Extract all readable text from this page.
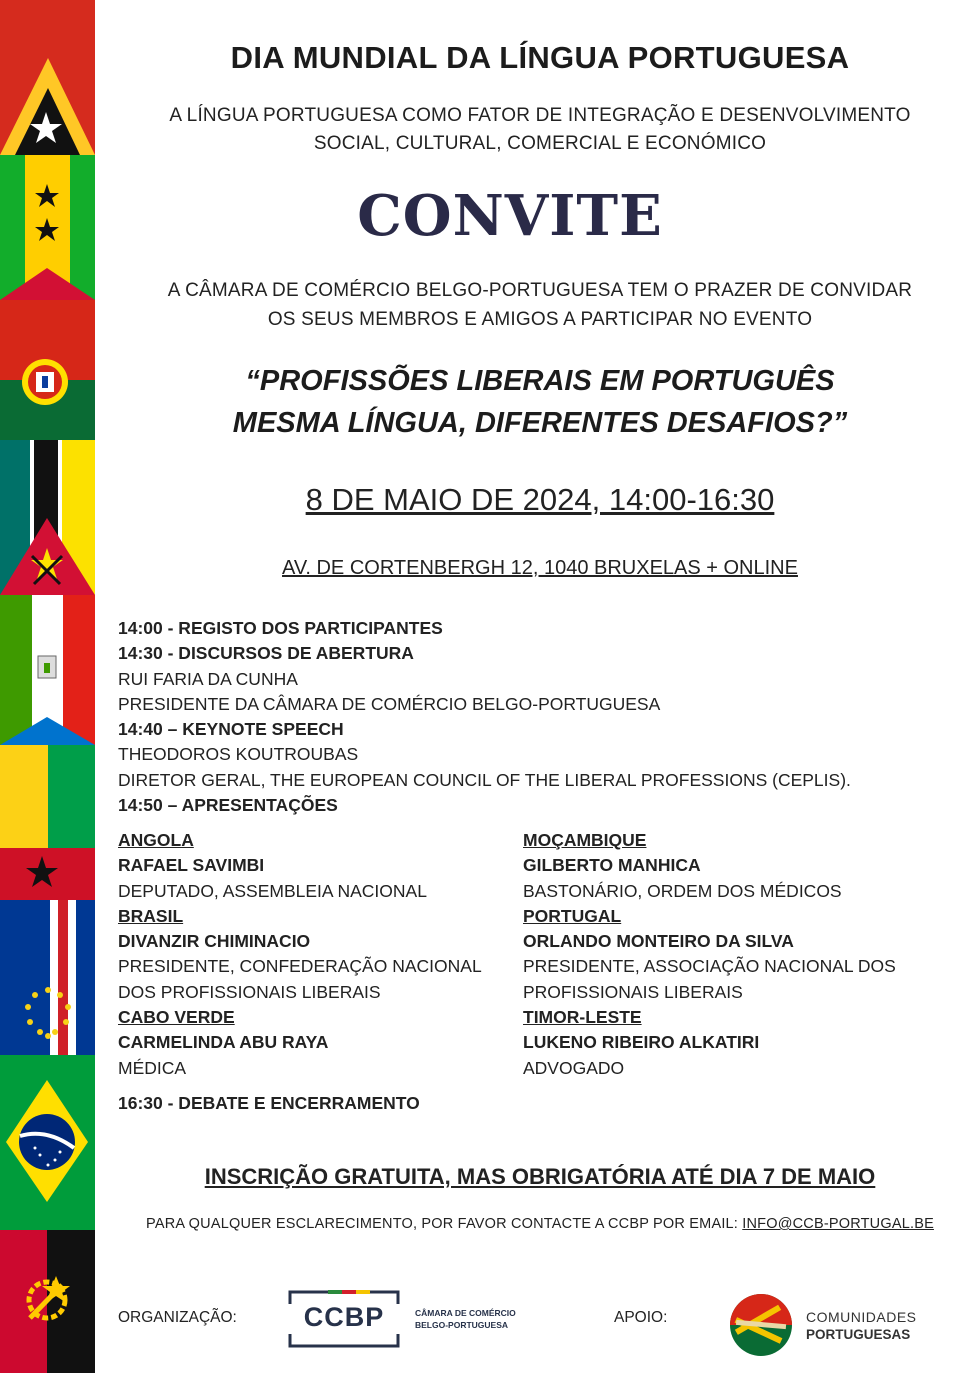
DIA MUNDIAL DA LÍNGUA PORTUGUESA
A LÍNGUA PORTUGUESA COMO FATOR DE INTEGRAÇÃO E DESENVOLVIMENTO
SOCIAL, CULTURAL, COMERCIAL E ECONÓMICO
CONVITE
A CÂMARA DE COMÉRCIO BELGO-PORTUGUESA TEM O PRAZER DE CONVIDAR
OS SEUS MEMBROS E AMIGOS A PARTICIPAR NO EVENTO
“PROFISSÕES LIBERAIS EM PORTUGUÊS
MESMA LÍNGUA, DIFERENTES DESAFIOS?”
8 DE MAIO DE 2024, 14:00-16:30
AV. DE CORTENBERGH 12, 1040 BRUXELAS + ONLINE
14:00 - REGISTO DOS PARTICIPANTES
14:30 - DISCURSOS DE ABERTURA
RUI FARIA DA CUNHA
PRESIDENTE DA CÂMARA DE COMÉRCIO BELGO-PORTUGUESA
14:40 – KEYNOTE SPEECH
THEODOROS KOUTROUBAS
DIRETOR GERAL, THE EUROPEAN COUNCIL OF THE LIBERAL PROFESSIONS (CEPLIS).
14:50 – APRESENTAÇÕES
ANGOLA
RAFAEL SAVIMBI
DEPUTADO, ASSEMBLEIA NACIONAL
BRASIL
DIVANZIR CHIMINACIO
PRESIDENTE, CONFEDERAÇÃO NACIONAL
DOS PROFISSIONAIS LIBERAIS
CABO VERDE
CARMELINDA ABU RAYA
MÉDICA
MOÇAMBIQUE
GILBERTO MANHICA
BASTONÁRIO, ORDEM DOS MÉDICOS
PORTUGAL
ORLANDO MONTEIRO DA SILVA
PRESIDENTE, ASSOCIAÇÃO NACIONAL DOS
PROFISSIONAIS LIBERAIS
TIMOR-LESTE
LUKENO RIBEIRO ALKATIRI
ADVOGADO
16:30 - DEBATE E ENCERRAMENTO
INSCRIÇÃO GRATUITA, MAS OBRIGATÓRIA ATÉ DIA 7 DE MAIO
PARA QUALQUER ESCLARECIMENTO, POR FAVOR CONTACTE A CCBP POR EMAIL: INFO@CCB-PORTUGAL.BE
ORGANIZAÇÃO:	CCBP	CÂMARA DE COMÉRCIO
BELGO-PORTUGUESA	APOIO:	COMUNIDADES
PORTUGUESAS
